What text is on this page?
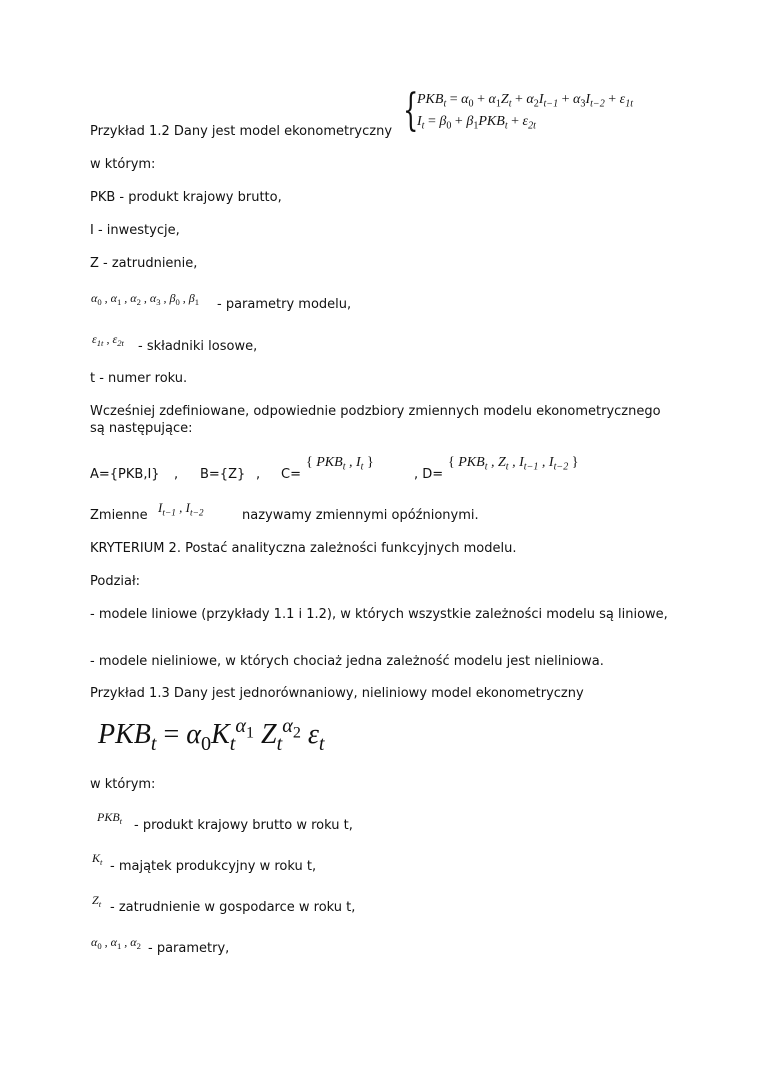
Przykład 1.2 Dany jest model ekonometryczny {
$PKB_t = \alpha_0 + \alpha_1Z_t + \alpha_2I_{t-1} + \alpha_3I_{t-2} + \varepsilon_{1t}$
$I_t = \beta_0 + \beta_1PKB_t + \varepsilon_{2t}$
w którym:
PKB - produkt krajowy brutto,
I - inwestycje,
Z - zatrudnienie,
$\alpha_0$ , $\alpha_1$ , $\alpha_2$ , $\alpha_3$ , $\beta_0$ , $\beta_1$ - parametry modelu,
$\varepsilon_{1t}$ , $\varepsilon_{2t}$ - składniki losowe,
t - numer roku.
Wcześniej zdefiniowane, odpowiednie podzbiory zmiennych modelu ekonometrycznego są następujące:
A={PKB,I} , B={Z} , C=
{ $PKB_t$ , $I_t$ }
, D=
{ $PKB_t$ , $Z_t$ , $I_{t-1}$ , $I_{t-2}$ }
Zmienne
$I_{t-1}$ , $I_{t-2}$	nazywamy zmiennymi opóźnionymi.
KRYTERIUM 2. Postać analityczna zależności funkcyjnych modelu.
Podział:
- modele liniowe (przykłady 1.1 i 1.2), w których wszystkie zależności modelu są liniowe,
- modele nieliniowe, w których chociaż jedna zależność modelu jest nieliniowa.
Przykład 1.3 Dany jest jednorównaniowy, nieliniowy model ekonometryczny
$PKB_t = \alpha_0K_t^{\alpha_1}$ $Z_t^{\alpha_2}$ $\varepsilon_t$
w którym:
$PKB_t$ - produkt krajowy brutto w roku t,
$K_t$ - majątek produkcyjny w roku t,
$Z_t$ - zatrudnienie w gospodarce w roku t,
$\alpha_0$ , $\alpha_1$ , $\alpha_2$ - parametry,
